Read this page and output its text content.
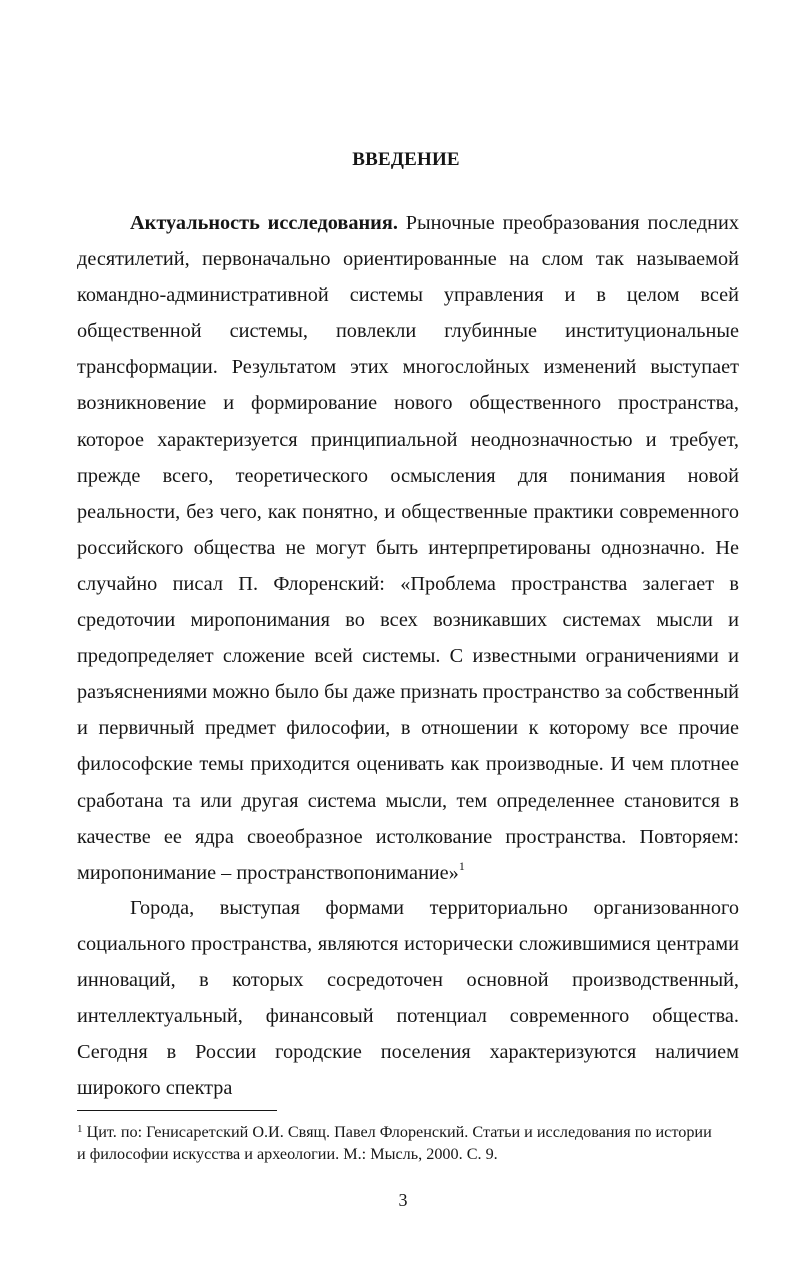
ВВЕДЕНИЕ

Актуальность исследования. Рыночные преобразования последних десятилетий, первоначально ориентированные на слом так называемой командно-административной системы управления и в целом всей общественной системы, повлекли глубинные институциональные трансформации. Результатом этих многослойных изменений выступает возникновение и формирование нового общественного пространства, которое характеризуется принципиальной неоднозначностью и требует, прежде всего, теоретического осмысления для понимания новой реальности, без чего, как понятно, и общественные практики современного российского общества не могут быть интерпретированы однозначно. Не случайно писал П. Флоренский: «Проблема пространства залегает в средоточии миропонимания во всех возникавших системах мысли и предопределяет сложение всей системы. С известными ограничениями и разъяснениями можно было бы даже признать пространство за собственный и первичный предмет философии, в отношении к которому все прочие философские темы приходится оценивать как производные. И чем плотнее сработана та или другая система мысли, тем определеннее становится в качестве ее ядра своеобразное истолкование пространства. Повторяем: миропонимание – пространствопонимание»$^1$

Города, выступая формами территориально организованного социального пространства, являются исторически сложившимися центрами инноваций, в которых сосредоточен основной производственный, интеллектуальный, финансовый потенциал современного общества. Сегодня в России городские поселения характеризуются наличием широкого спектра

$^1$ Цит. по: Генисаретский О.И. Свящ. Павел Флоренский. Статьи и исследования по истории и философии искусства и археологии. М.: Мысль, 2000. С. 9.

3
